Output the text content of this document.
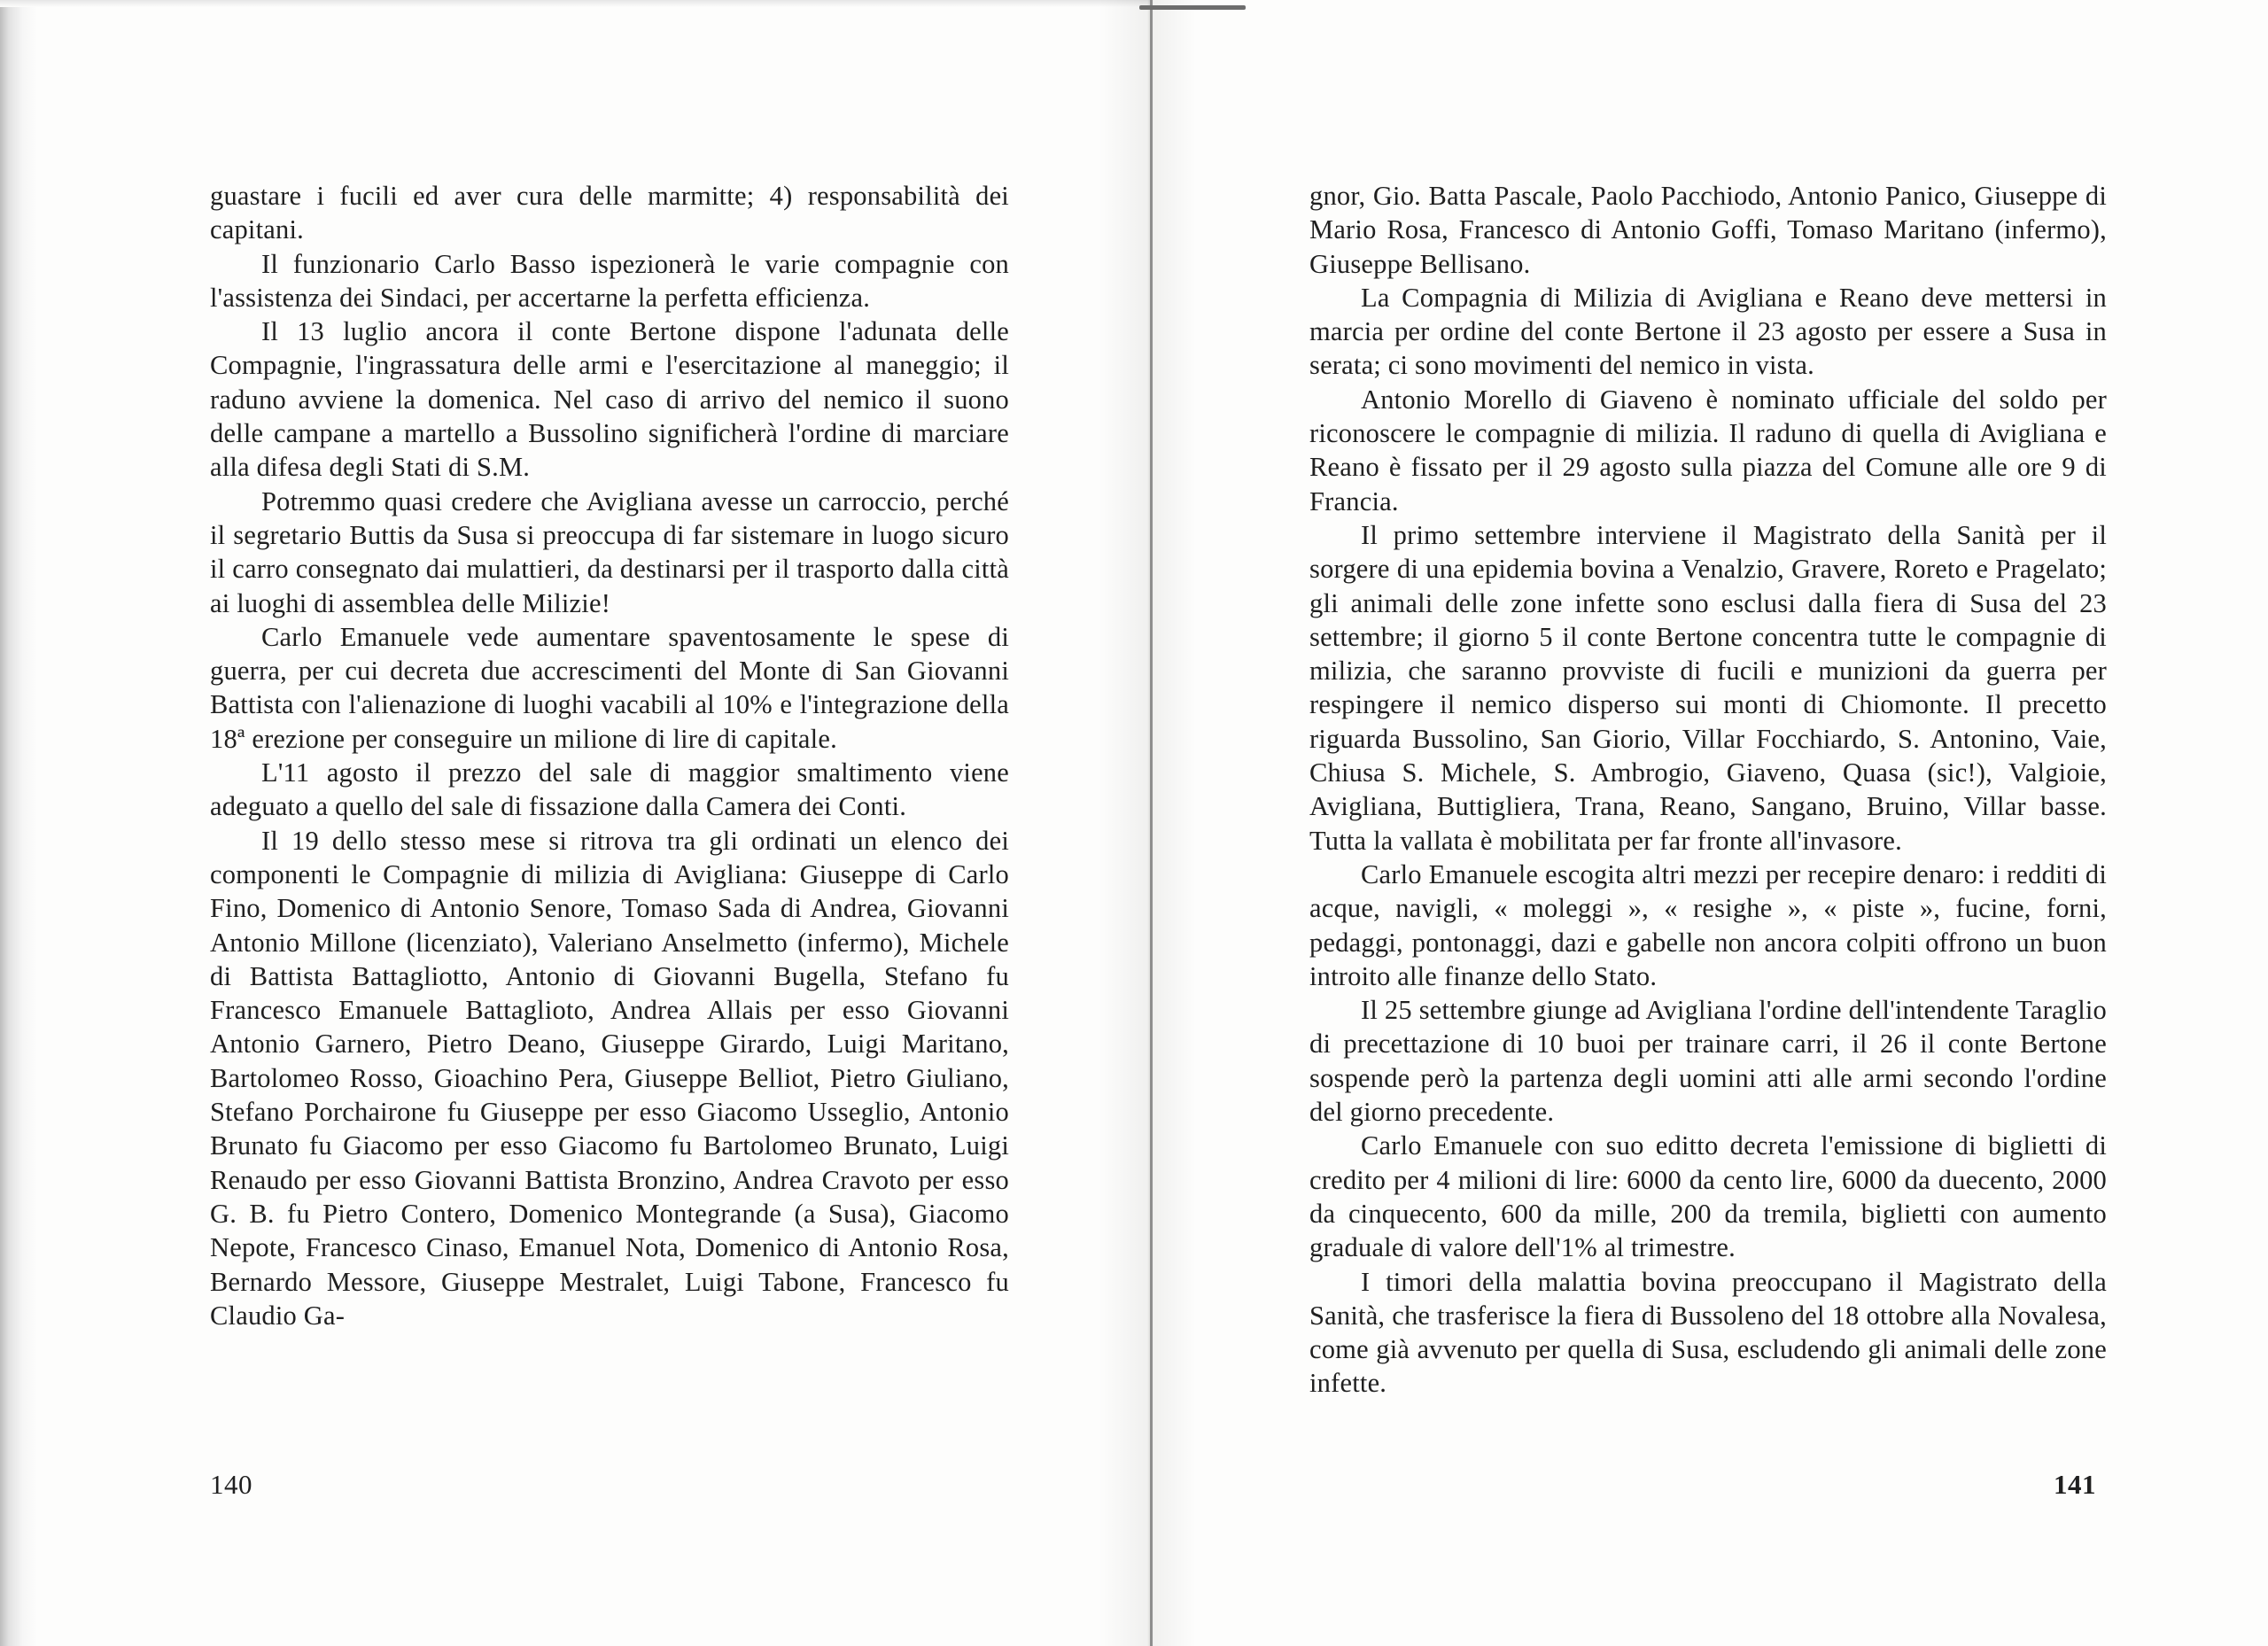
guastare i fucili ed aver cura delle marmitte; 4) responsabilità dei capitani.

Il funzionario Carlo Basso ispezionerà le varie compagnie con l'assistenza dei Sindaci, per accertarne la perfetta efficienza.

Il 13 luglio ancora il conte Bertone dispone l'adunata delle Compagnie, l'ingrassatura delle armi e l'esercitazione al maneggio; il raduno avviene la domenica. Nel caso di arrivo del nemico il suono delle campane a martello a Bussolino significherà l'ordine di marciare alla difesa degli Stati di S.M.

Potremmo quasi credere che Avigliana avesse un carroccio, perché il segretario Buttis da Susa si preoccupa di far sistemare in luogo sicuro il carro consegnato dai mulattieri, da destinarsi per il trasporto dalla città ai luoghi di assemblea delle Milizie!

Carlo Emanuele vede aumentare spaventosamente le spese di guerra, per cui decreta due accrescimenti del Monte di San Giovanni Battista con l'alienazione di luoghi vacabili al 10% e l'integrazione della 18ª erezione per conseguire un milione di lire di capitale.

L'11 agosto il prezzo del sale di maggior smaltimento viene adeguato a quello del sale di fissazione dalla Camera dei Conti.

Il 19 dello stesso mese si ritrova tra gli ordinati un elenco dei componenti le Compagnie di milizia di Avigliana: Giuseppe di Carlo Fino, Domenico di Antonio Senore, Tomaso Sada di Andrea, Giovanni Antonio Millone (licenziato), Valeriano Anselmetto (infermo), Michele di Battista Battagliotto, Antonio di Giovanni Bugella, Stefano fu Francesco Emanuele Battaglioto, Andrea Allais per esso Giovanni Antonio Garnero, Pietro Deano, Giuseppe Girardo, Luigi Maritano, Bartolomeo Rosso, Gioachino Pera, Giuseppe Belliot, Pietro Giuliano, Stefano Porchairone fu Giuseppe per esso Giacomo Usseglio, Antonio Brunato fu Giacomo per esso Giacomo fu Bartolomeo Brunato, Luigi Renaudo per esso Giovanni Battista Bronzino, Andrea Cravoto per esso G. B. fu Pietro Contero, Domenico Montegrande (a Susa), Giacomo Nepote, Francesco Cinaso, Emanuel Nota, Domenico di Antonio Rosa, Bernardo Messore, Giuseppe Mestralet, Luigi Tabone, Francesco fu Claudio Ga-

140

gnor, Gio. Batta Pascale, Paolo Pacchiodo, Antonio Panico, Giuseppe di Mario Rosa, Francesco di Antonio Goffi, Tomaso Maritano (infermo), Giuseppe Bellisano.

La Compagnia di Milizia di Avigliana e Reano deve mettersi in marcia per ordine del conte Bertone il 23 agosto per essere a Susa in serata; ci sono movimenti del nemico in vista.

Antonio Morello di Giaveno è nominato ufficiale del soldo per riconoscere le compagnie di milizia. Il raduno di quella di Avigliana e Reano è fissato per il 29 agosto sulla piazza del Comune alle ore 9 di Francia.

Il primo settembre interviene il Magistrato della Sanità per il sorgere di una epidemia bovina a Venalzio, Gravere, Roreto e Pragelato; gli animali delle zone infette sono esclusi dalla fiera di Susa del 23 settembre; il giorno 5 il conte Bertone concentra tutte le compagnie di milizia, che saranno provviste di fucili e munizioni da guerra per respingere il nemico disperso sui monti di Chiomonte. Il precetto riguarda Bussolino, San Giorio, Villar Focchiardo, S. Antonino, Vaie, Chiusa S. Michele, S. Ambrogio, Giaveno, Quasa (sic!), Valgioie, Avigliana, Buttigliera, Trana, Reano, Sangano, Bruino, Villar basse. Tutta la vallata è mobilitata per far fronte all'invasore.

Carlo Emanuele escogita altri mezzi per recepire denaro: i redditi di acque, navigli, « moleggi », « resighe », « piste », fucine, forni, pedaggi, pontonaggi, dazi e gabelle non ancora colpiti offrono un buon introito alle finanze dello Stato.

Il 25 settembre giunge ad Avigliana l'ordine dell'intendente Taraglio di precettazione di 10 buoi per trainare carri, il 26 il conte Bertone sospende però la partenza degli uomini atti alle armi secondo l'ordine del giorno precedente.

Carlo Emanuele con suo editto decreta l'emissione di biglietti di credito per 4 milioni di lire: 6000 da cento lire, 6000 da duecento, 2000 da cinquecento, 600 da mille, 200 da tremila, biglietti con aumento graduale di valore dell'1% al trimestre.

I timori della malattia bovina preoccupano il Magistrato della Sanità, che trasferisce la fiera di Bussoleno del 18 ottobre alla Novalesa, come già avvenuto per quella di Susa, escludendo gli animali delle zone infette.

141
